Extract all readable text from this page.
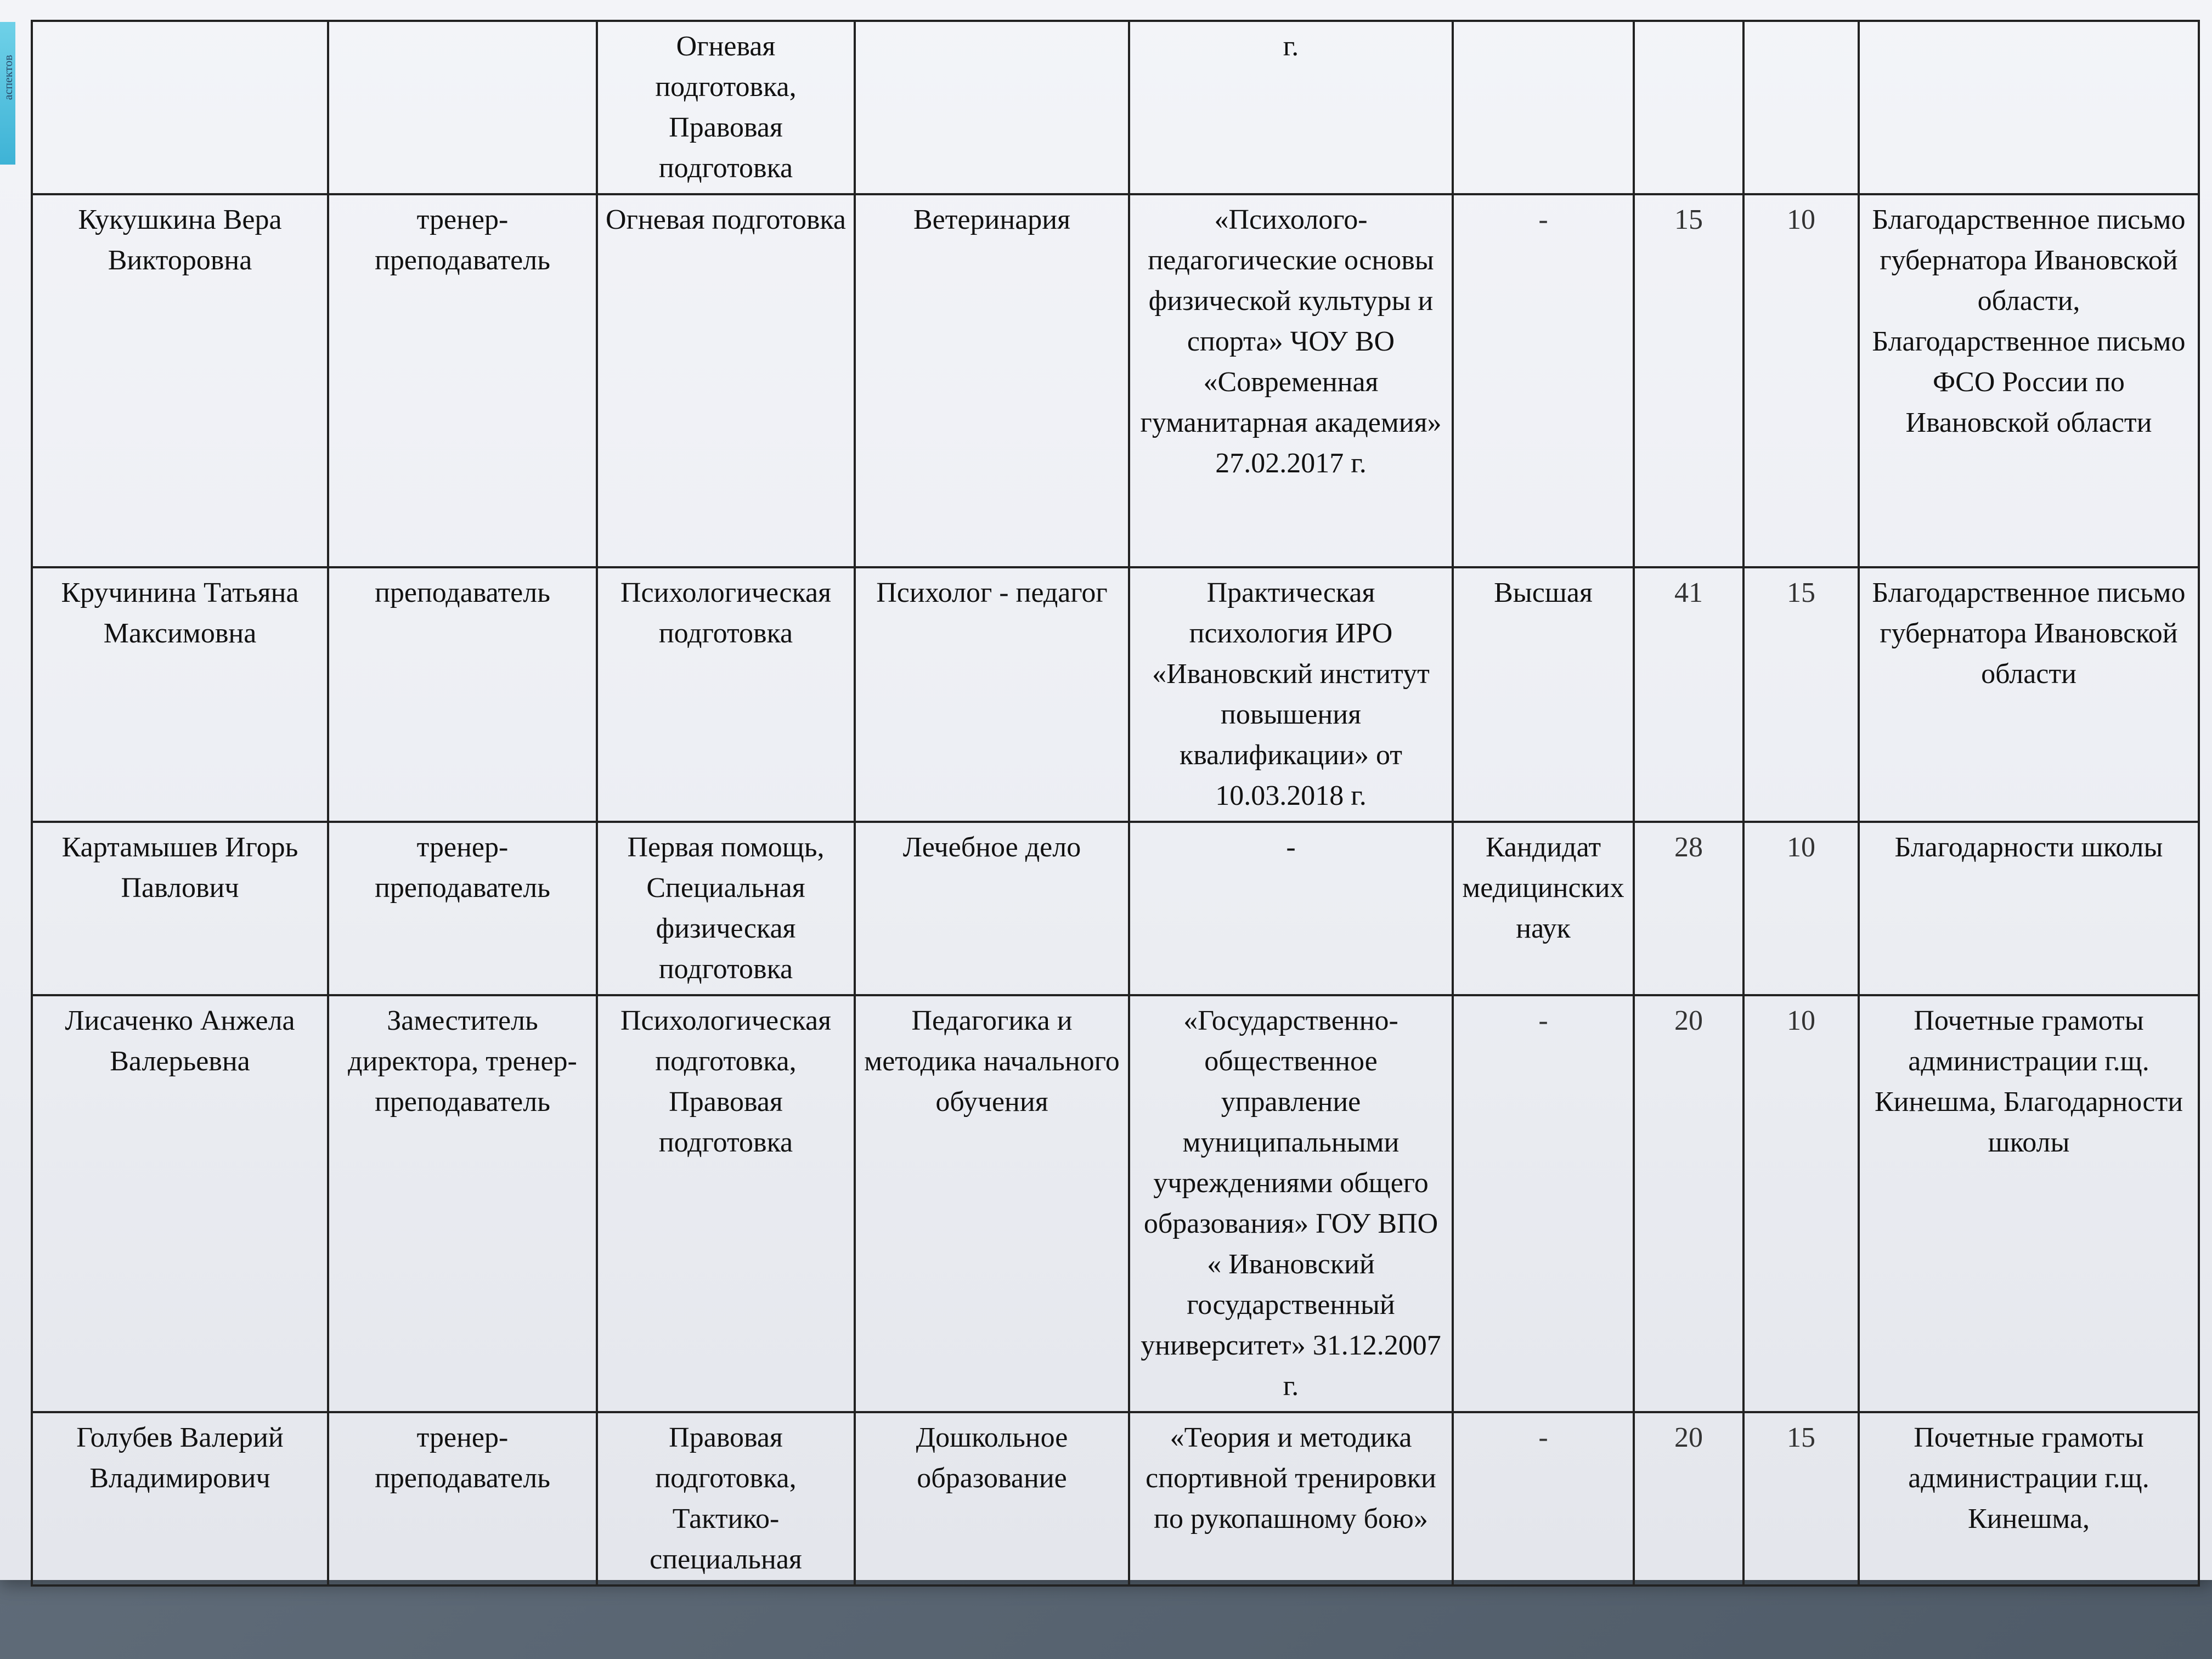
аспектов
		Огневая подготовка, Правовая подготовка		г.				
Кукушкина Вера Викторовна	тренер-преподаватель	Огневая подготовка	Ветеринария	«Психолого-педагогические основы физической культуры и спорта» ЧОУ ВО «Современная гуманитарная академия» 27.02.2017 г.	-	15	10	Благодарственное письмо губернатора Ивановской области, Благодарственное письмо ФСО России по Ивановской области
Кручинина Татьяна Максимовна	преподаватель	Психологическая подготовка	Психолог - педагог	Практическая психология ИРО «Ивановский институт повышения квалификации» от 10.03.2018 г.	Высшая	41	15	Благодарственное письмо губернатора Ивановской области
Картамышев Игорь Павлович	тренер-преподаватель	Первая помощь, Специальная физическая подготовка	Лечебное дело	-	Кандидат медицинских наук	28	10	Благодарности школы
Лисаченко Анжела Валерьевна	Заместитель директора, тренер-преподаватель	Психологическая подготовка, Правовая подготовка	Педагогика и методика начального обучения	«Государственно-общественное управление муниципальными учреждениями общего образования» ГОУ ВПО « Ивановский государственный университет» 31.12.2007 г.	-	20	10	Почетные грамоты администрации г.щ. Кинешма, Благодарности школы
Голубев Валерий Владимирович	тренер-преподаватель	Правовая подготовка, Тактико-специальная	Дошкольное образование	«Теория и методика спортивной тренировки по рукопашному бою»	-	20	15	Почетные грамоты администрации г.щ. Кинешма,
